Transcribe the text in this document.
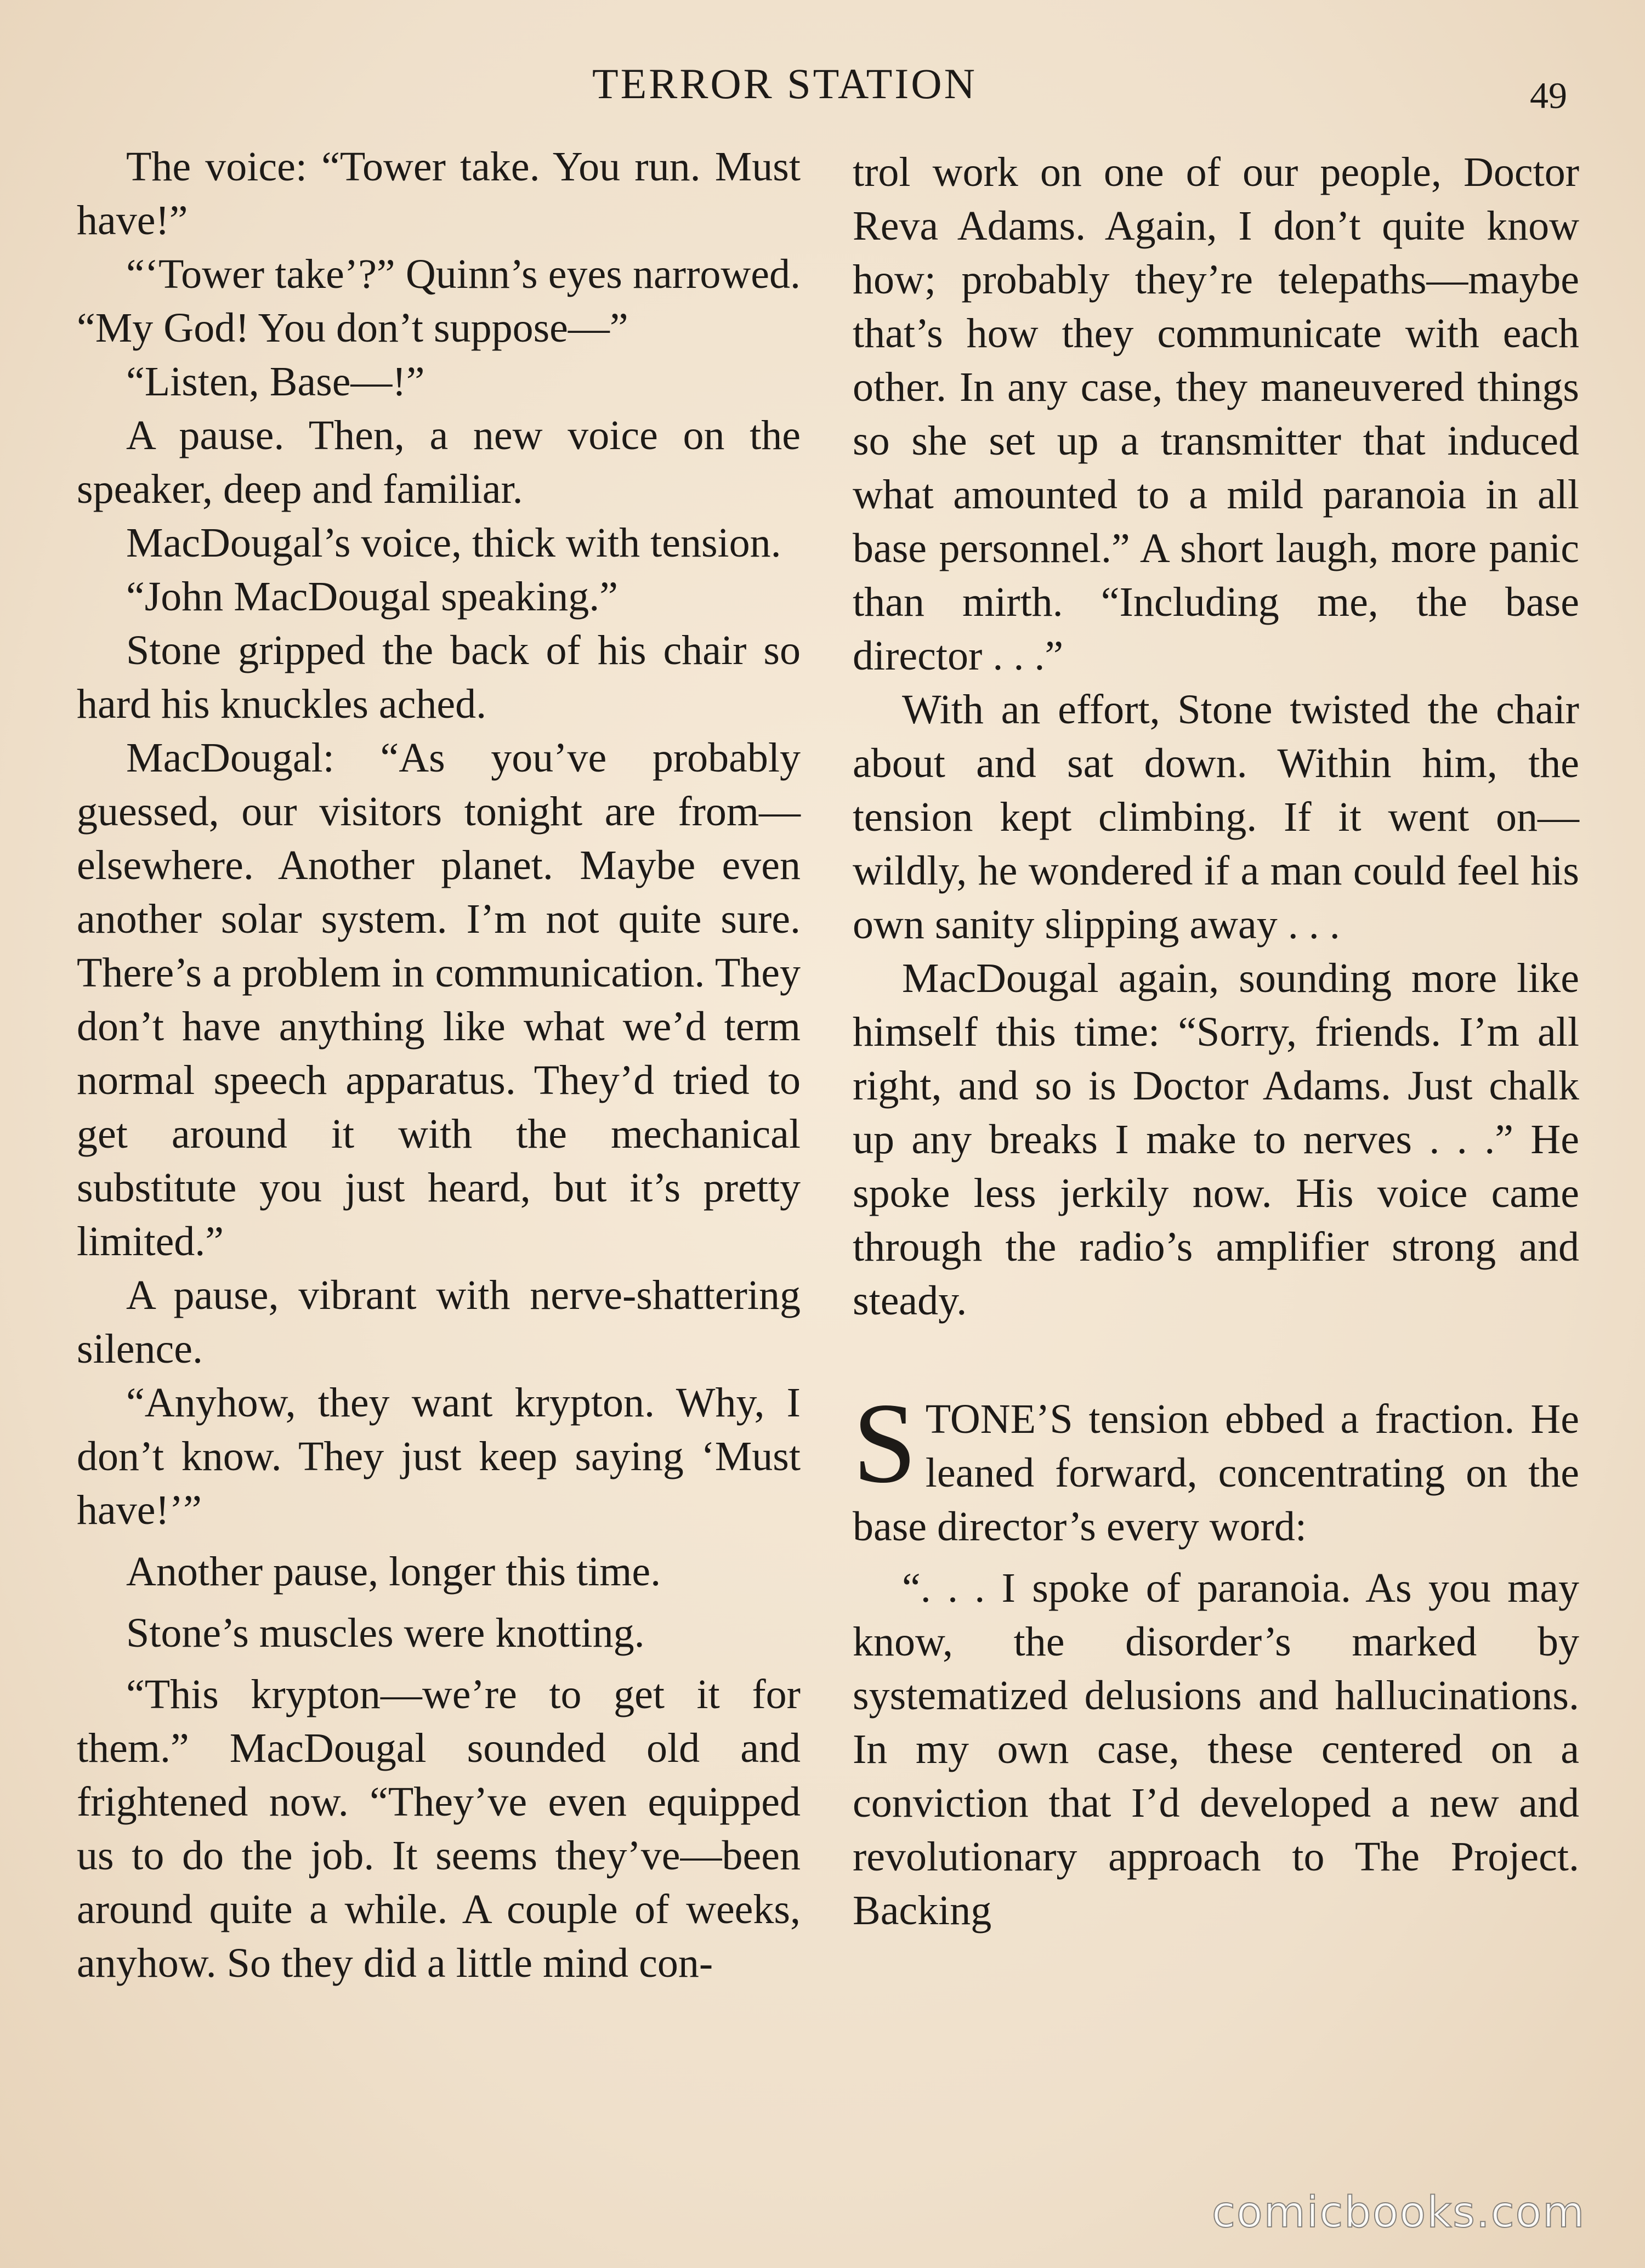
TERROR STATION	49

The voice: “Tower take. You run. Must have!”

“‘Tower take’?” Quinn’s eyes narrowed. “My God! You don’t suppose—”

“Listen, Base—!”

A pause. Then, a new voice on the speaker, deep and familiar.

MacDougal’s voice, thick with tension.

“John MacDougal speaking.”

Stone gripped the back of his chair so hard his knuckles ached.

MacDougal: “As you’ve probably guessed, our visitors tonight are from—elsewhere. Another planet. Maybe even another solar system. I’m not quite sure. There’s a problem in communication. They don’t have anything like what we’d term normal speech apparatus. They’d tried to get around it with the mechanical substitute you just heard, but it’s pretty limited.”

A pause, vibrant with nerve-shattering silence.

“Anyhow, they want krypton. Why, I don’t know. They just keep saying ‘Must have!’”

Another pause, longer this time.

Stone’s muscles were knotting.

“This krypton—we’re to get it for them.” MacDougal sounded old and frightened now. “They’ve even equipped us to do the job. It seems they’ve—been around quite a while. A couple of weeks, anyhow. So they did a little mind con-

trol work on one of our people, Doctor Reva Adams. Again, I don’t quite know how; probably they’re telepaths—maybe that’s how they communicate with each other. In any case, they maneuvered things so she set up a transmitter that induced what amounted to a mild paranoia in all base personnel.” A short laugh, more panic than mirth. “Including me, the base director . . .”

With an effort, Stone twisted the chair about and sat down. Within him, the tension kept climbing. If it went on—wildly, he wondered if a man could feel his own sanity slipping away . . .

MacDougal again, sounding more like himself this time: “Sorry, friends. I’m all right, and so is Doctor Adams. Just chalk up any breaks I make to nerves . . .” He spoke less jerkily now. His voice came through the radio’s amplifier strong and steady.

S TONE’S tension ebbed a fraction. He leaned forward, concentrating on the base director’s every word:

“. . . I spoke of paranoia. As you may know, the disorder’s marked by systematized delusions and hallucinations. In my own case, these centered on a conviction that I’d developed a new and revolutionary approach to The Project. Backing

comicbooks.com
